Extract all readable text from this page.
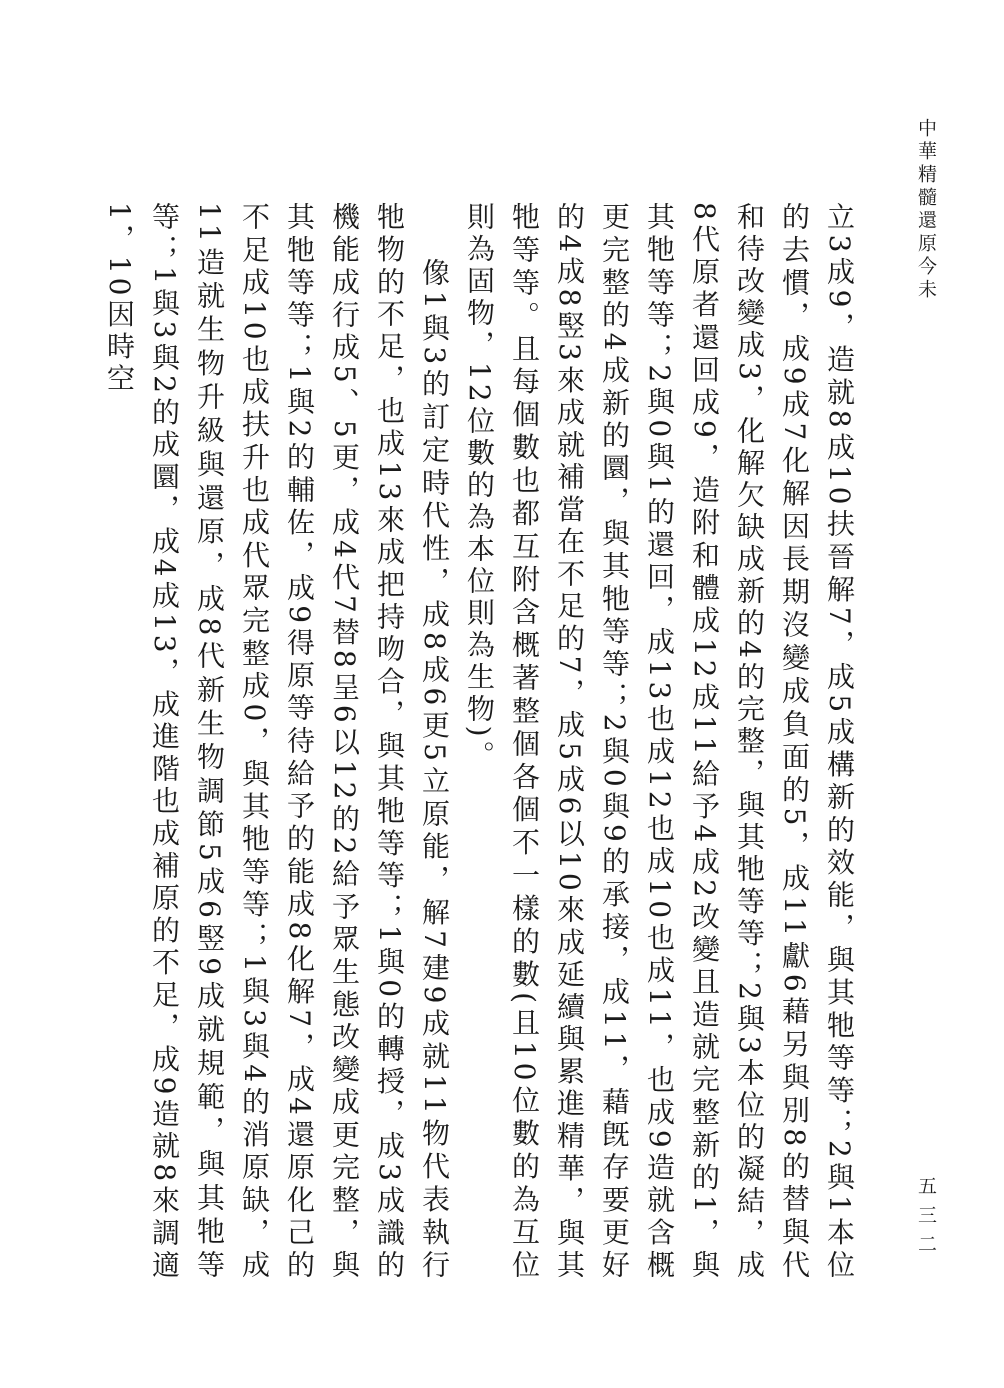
中華精髓還原今未
五三二

立3成9，造就8成10扶晉解7，成5成構新的效能，與其牠等等；2與1本位的去慣，成9成7化解因長期沒變成負面的5，成11獻6藉另與別8的替與代和待改變成3，化解欠缺成新的4的完整，與其牠等等；2與3本位的凝結，成8代原者還回成9，造附和體成12成11給予4成2改變且造就完整新的1，與其牠等等；2與0與1的還回，成13也成12也成10也成11，也成9造就含概更完整的4成新的圜，與其牠等等；2與0與9的承接，成11，藉旣存要更好的4成8竪3來成就補當在不足的7，成5成6以10來成延續與累進精華，與其牠等等。且每個數也都互附含概著整個各個不一樣的數(且10位數的為互位則為固物，12位數的為本位則為生物)。

像1與3的訂定時代性，成8成6更5立原能，解7建9成就11物代表執行牠物的不足，也成13來成把持吻合，與其牠等等；1與0的轉授，成3成識的機能成行成5、5更，成4代7替8呈6以12的2給予眾生態改變成更完整，與其牠等等；1與2的輔佐，成9得原等待給予的能成8化解7，成4還原化己的不足成10也成扶升也成代眾完整成0，與其牠等等；1與3與4的消原缺，成11造就生物升級與還原，成8代新生物調節5成6竪9成就規範，與其牠等等；1與3與2的成圜，成4成13，成進階也成補原的不足，成9造就8來調適1，10因時空
